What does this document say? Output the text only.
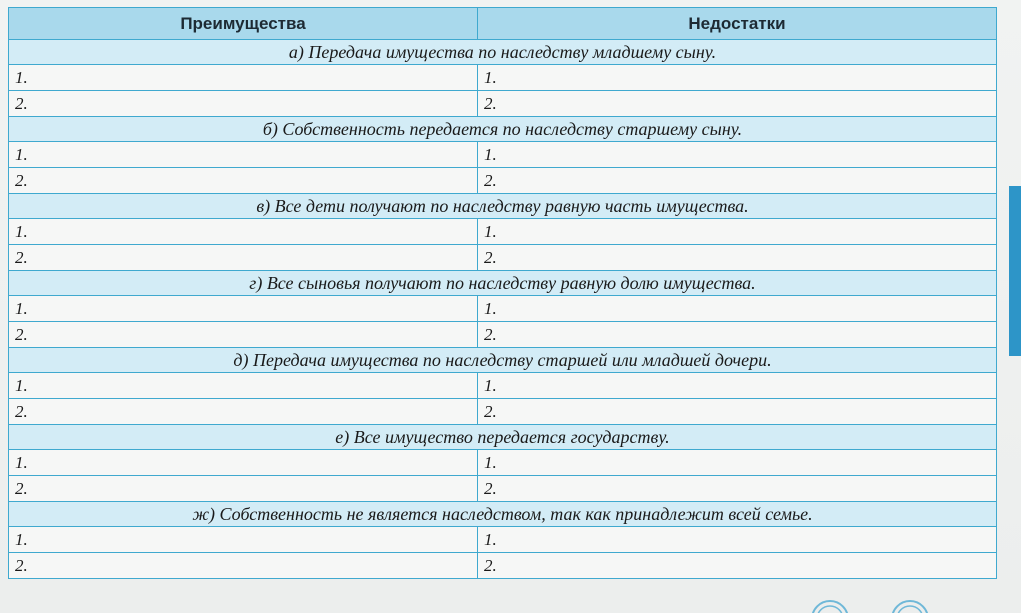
Преимущества	Недостатки
а) Передача имущества по наследству младшему сыну.	
1.	1.
2.	2.
б) Собственность передается по наследству старшему сыну.	
1.	1.
2.	2.
в) Все дети получают по наследству равную часть имущества.	
1.	1.
2.	2.
г) Все сыновья получают по наследству равную долю имущества.	
1.	1.
2.	2.
д) Передача имущества по наследству старшей или младшей дочери.	
1.	1.
2.	2.
е) Все имущество передается государству.	
1.	1.
2.	2.
ж) Собственность не является наследством, так как принадлежит всей семье.	
1.	1.
2.	2.
